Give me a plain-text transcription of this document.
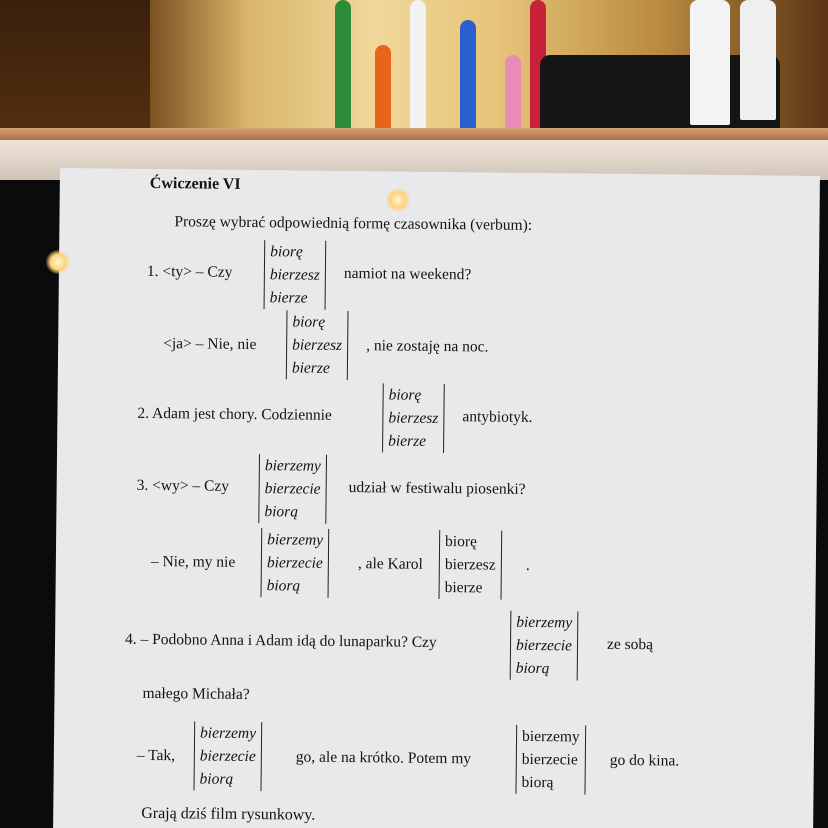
Ćwiczenie VI
Proszę wybrać odpowiednią formę czasownika (verbum):
1. <ty> – Czy
biorę
bierzesz
bierze
namiot na weekend?
<ja> – Nie, nie
biorę
bierzesz
bierze
, nie zostaję na noc.
2. Adam jest chory. Codziennie
biorę
bierzesz
bierze
antybiotyk.
3. <wy> – Czy
bierzemy
bierzecie
biorą
udział w festiwalu piosenki?
– Nie, my nie
bierzemy
bierzecie
biorą
, ale Karol
biorę
bierzesz
bierze
.
4. – Podobno Anna i Adam idą do lunaparku? Czy
bierzemy
bierzecie
biorą
ze sobą
małego Michała?
– Tak,
bierzemy
bierzecie
biorą
go, ale na krótko. Potem my
bierzemy
bierzecie
biorą
go do kina.
Grają dziś film rysunkowy.
